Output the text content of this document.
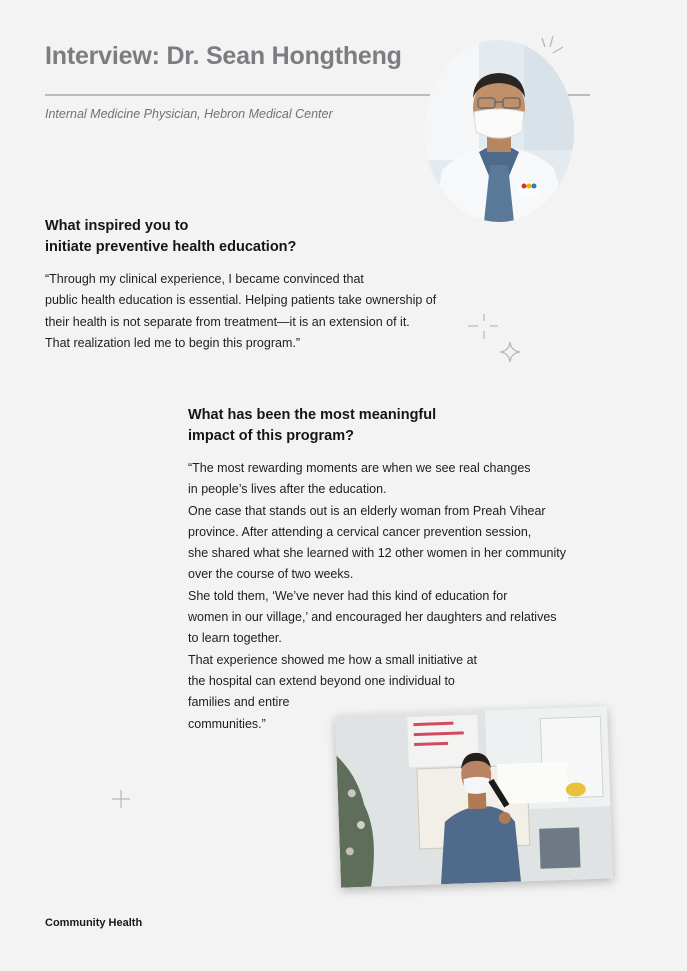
Interview: Dr. Sean Hongtheng
Internal Medicine Physician, Hebron Medical Center
What inspired you to
initiate preventive health education?
“Through my clinical experience, I became convinced that
public health education is essential. Helping patients take ownership of
their health is not separate from treatment—it is an extension of it.
That realization led me to begin this program.”
What has been the most meaningful
impact of this program?
“The most rewarding moments are when we see real changes
in people’s lives after the education.
One case that stands out is an elderly woman from Preah Vihear
province. After attending a cervical cancer prevention session,
she shared what she learned with 12 other women in her community
over the course of two weeks.
She told them, ‘We’ve never had this kind of education for
women in our village,’ and encouraged her daughters and relatives
to learn together.
That experience showed me how a small initiative at
the hospital can extend beyond one individual to
families and entire
communities.”
Community Health
